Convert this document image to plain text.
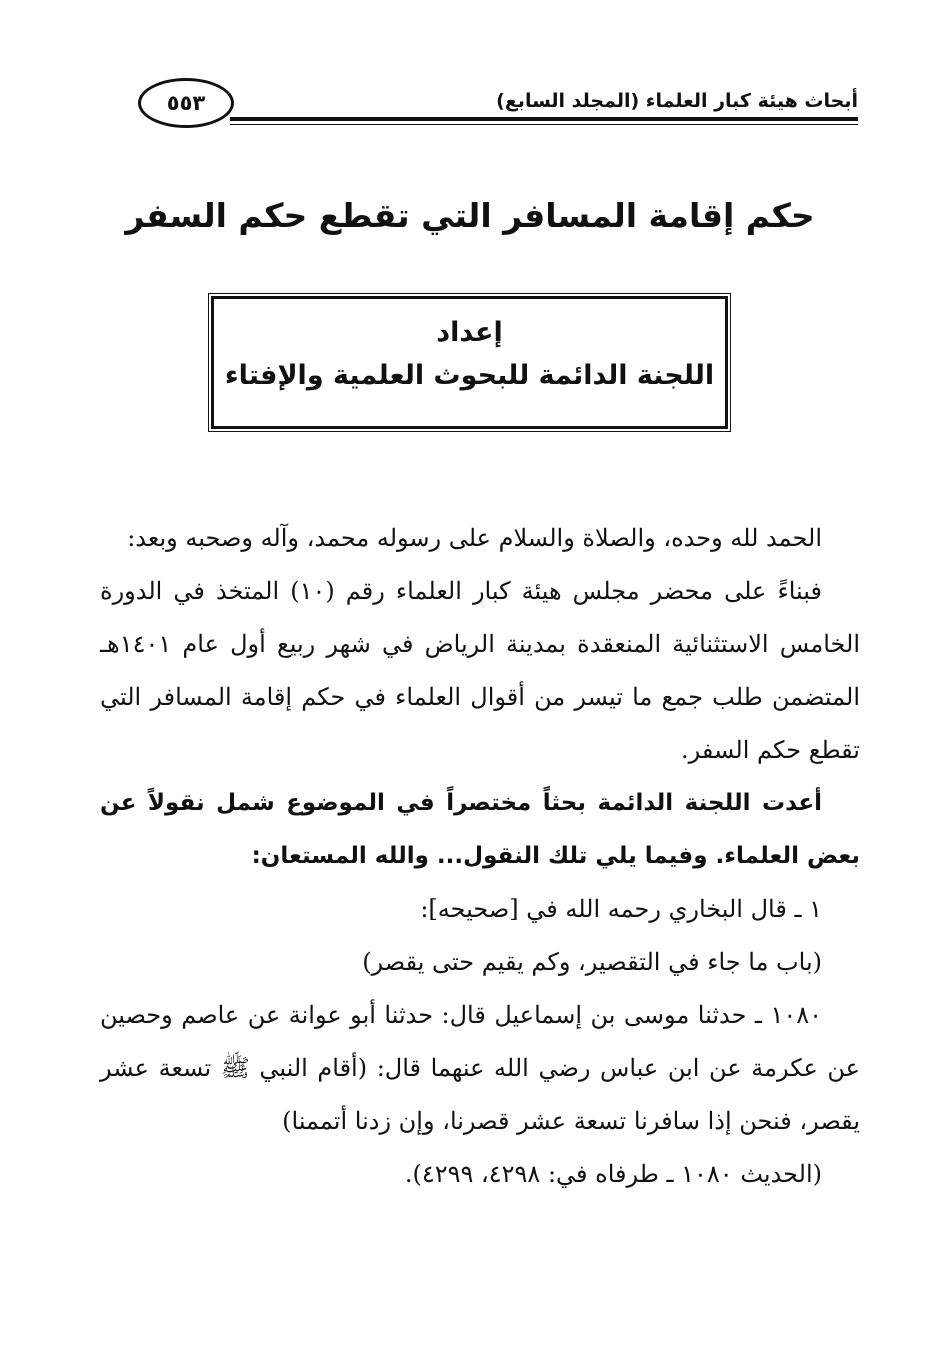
أبحاث هيئة كبار العلماء (المجلد السابع)
٥٥٣
حكم إقامة المسافر التي تقطع حكم السفر
إعداد
اللجنة الدائمة للبحوث العلمية والإفتاء

الحمد لله وحده، والصلاة والسلام على رسوله محمد، وآله وصحبه وبعد:

فبناءً على محضر مجلس هيئة كبار العلماء رقم (١٠) المتخذ في الدورة الخامس الاستثنائية المنعقدة بمدينة الرياض في شهر ربيع أول عام ١٤٠١هـ المتضمن طلب جمع ما تيسر من أقوال العلماء في حكم إقامة المسافر التي تقطع حكم السفر.

أعدت اللجنة الدائمة بحثاً مختصراً في الموضوع شمل نقولاً عن بعض العلماء. وفيما يلي تلك النقول... والله المستعان:

١ ـ قال البخاري رحمه الله في [صحيحه]:

(باب ما جاء في التقصير، وكم يقيم حتى يقصر)

١٠٨٠ ـ حدثنا موسى بن إسماعيل قال: حدثنا أبو عوانة عن عاصم وحصين عن عكرمة عن ابن عباس رضي الله عنهما قال: (أقام النبي ﷺ تسعة عشر يقصر، فنحن إذا سافرنا تسعة عشر قصرنا، وإن زدنا أتممنا)

(الحديث ١٠٨٠ ـ طرفاه في: ٤٢٩٨، ٤٢٩٩).
